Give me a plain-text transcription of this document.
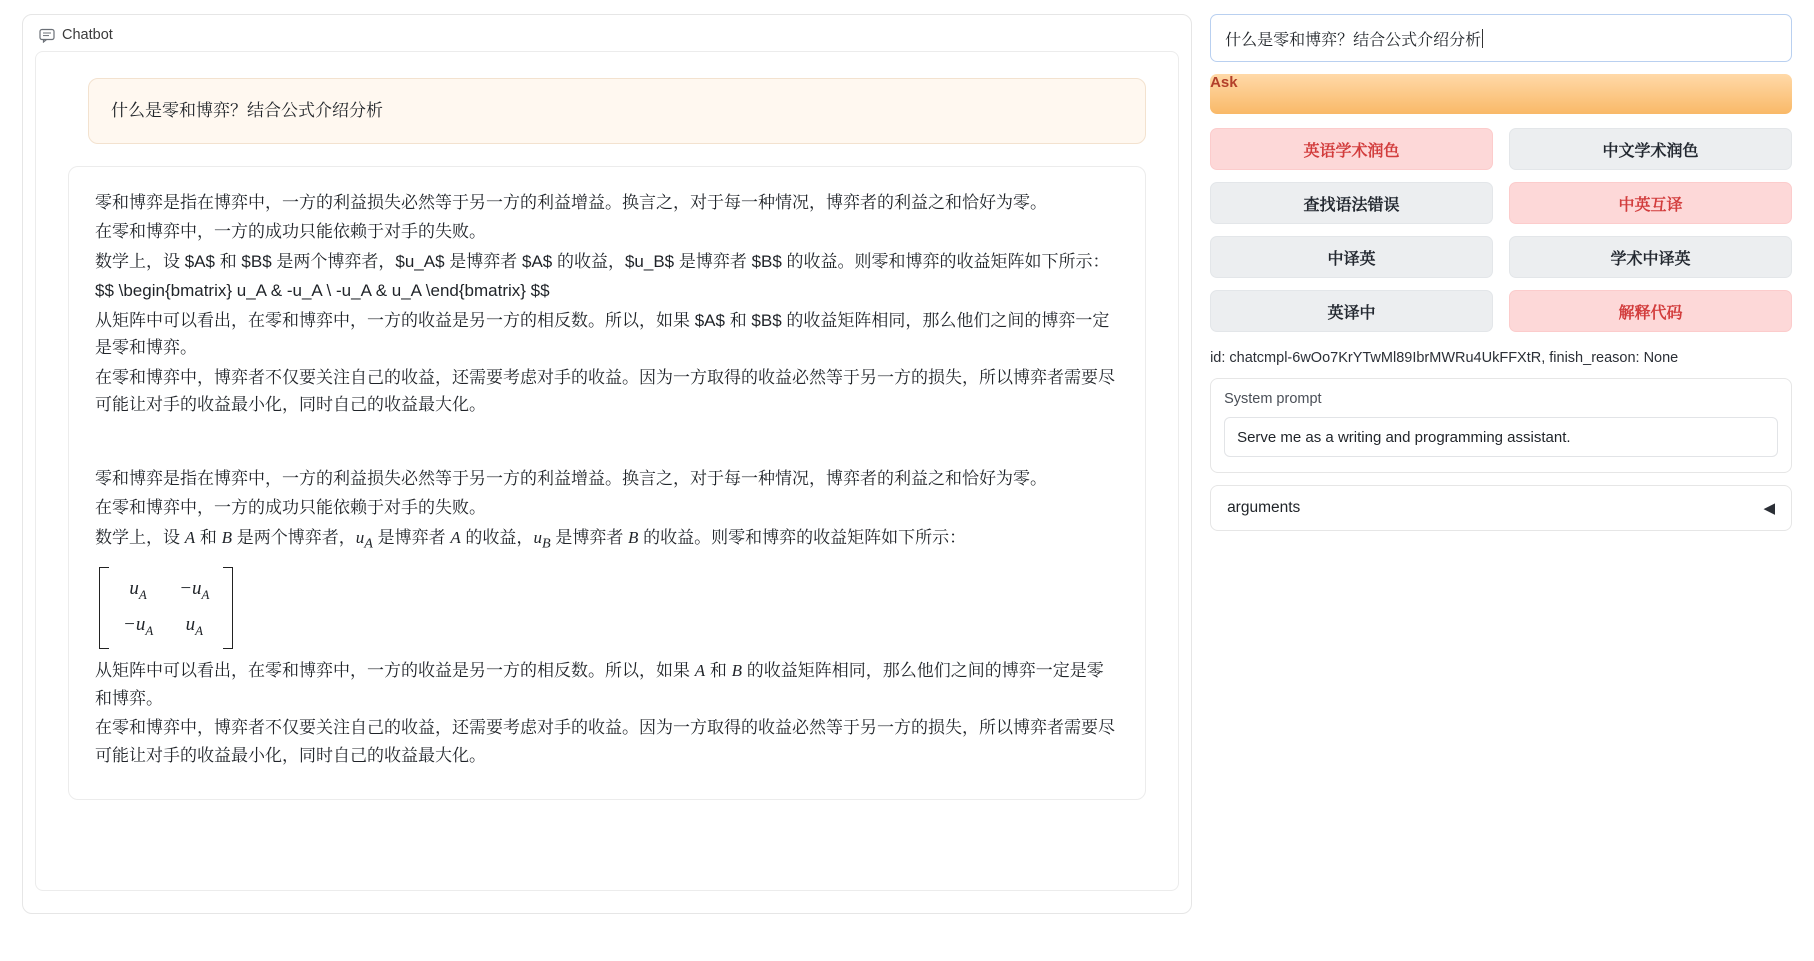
Chatbot
什么是零和博弈？结合公式介绍分析

零和博弈是指在博弈中，一方的利益损失必然等于另一方的利益增益。换言之，对于每一种情况，博弈者的利益之和恰好为零。

在零和博弈中，一方的成功只能依赖于对手的失败。

数学上，设 $A$ 和 $B$ 是两个博弈者，$u_A$ 是博弈者 $A$ 的收益，$u_B$ 是博弈者 $B$ 的收益。则零和博弈的收益矩阵如下所示：

$$ \begin{bmatrix} u_A & -u_A \ -u_A & u_A \end{bmatrix} $$

从矩阵中可以看出，在零和博弈中，一方的收益是另一方的相反数。所以，如果 $A$ 和 $B$ 的收益矩阵相同，那么他们之间的博弈一定是零和博弈。

在零和博弈中，博弈者不仅要关注自己的收益，还需要考虑对手的收益。因为一方取得的收益必然等于另一方的损失，所以博弈者需要尽可能让对手的收益最小化，同时自己的收益最大化。

零和博弈是指在博弈中，一方的利益损失必然等于另一方的利益增益。换言之，对于每一种情况，博弈者的利益之和恰好为零。

在零和博弈中，一方的成功只能依赖于对手的失败。

数学上，设 A 和 B 是两个博弈者，$u_A$ 是博弈者 A 的收益，$u_B$ 是博弈者 B 的收益。则零和博弈的收益矩阵如下所示：

$u_A$	$-u_A$
$-u_A$	$u_A$

从矩阵中可以看出，在零和博弈中，一方的收益是另一方的相反数。所以，如果 A 和 B 的收益矩阵相同，那么他们之间的博弈一定是零和博弈。

在零和博弈中，博弈者不仅要关注自己的收益，还需要考虑对手的收益。因为一方取得的收益必然等于另一方的损失，所以博弈者需要尽可能让对手的收益最小化，同时自己的收益最大化。

什么是零和博弈？结合公式介绍分析
Ask
英语学术润色	中文学术润色
查找语法错误	中英互译
中译英	学术中译英
英译中	解释代码
id: chatcmpl-6wOo7KrYTwMl89IbrMWRu4UkFFXtR, finish_reason: None
System prompt
Serve me as a writing and programming assistant.
arguments	◀
